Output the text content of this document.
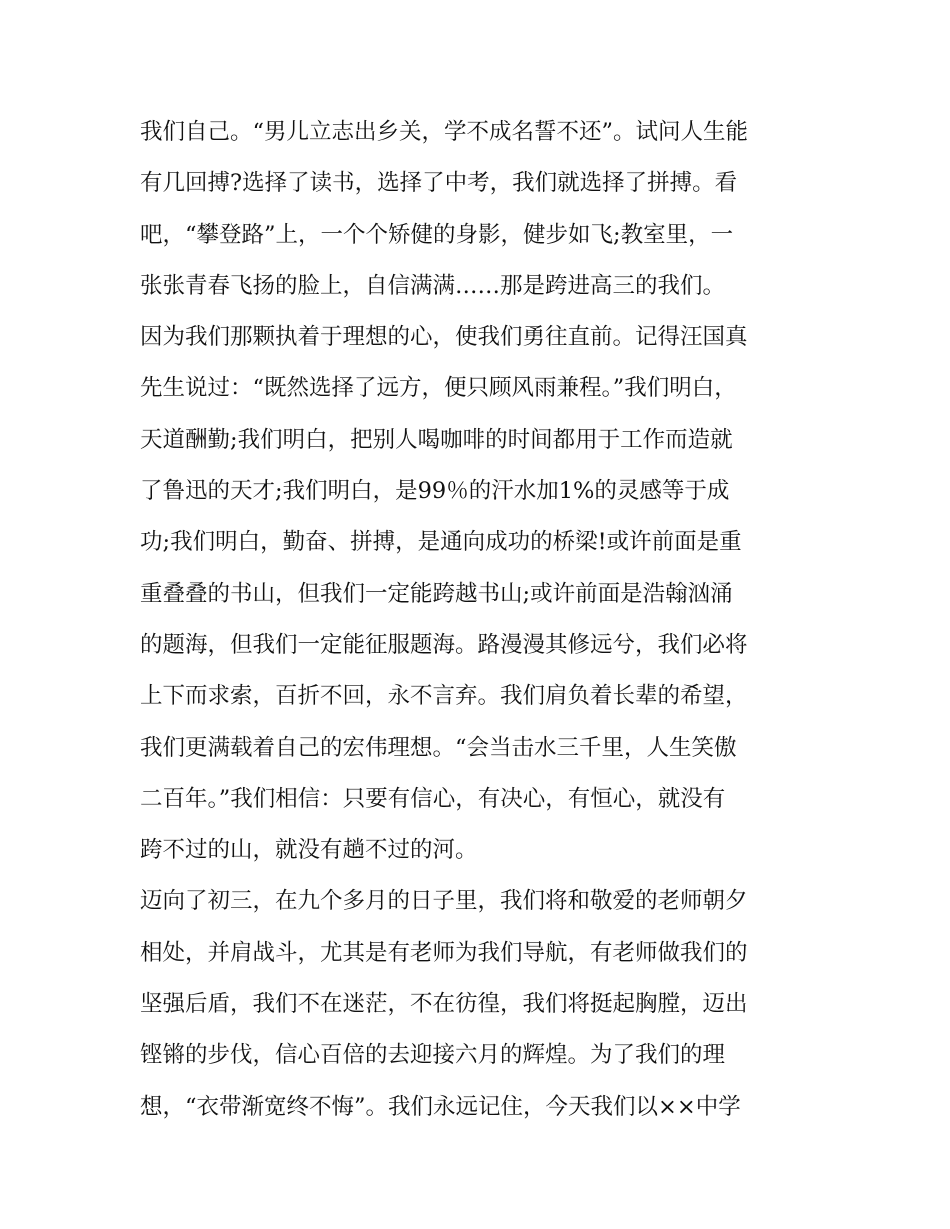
我们自己。“男儿立志出乡关，学不成名誓不还”。试问人生能
有几回搏?选择了读书，选择了中考，我们就选择了拼搏。看
吧，“攀登路”上，一个个矫健的身影，健步如飞;教室里，一
张张青春飞扬的脸上，自信满满……那是跨进高三的我们。
因为我们那颗执着于理想的心，使我们勇往直前。记得汪国真
先生说过：“既然选择了远方，便只顾风雨兼程。”我们明白，
天道酬勤;我们明白，把别人喝咖啡的时间都用于工作而造就
了鲁迅的天才;我们明白，是99％的汗水加1%的灵感等于成
功;我们明白，勤奋、拼搏，是通向成功的桥梁!或许前面是重
重叠叠的书山，但我们一定能跨越书山;或许前面是浩翰汹涌
的题海，但我们一定能征服题海。路漫漫其修远兮，我们必将
上下而求索，百折不回，永不言弃。我们肩负着长辈的希望，
我们更满载着自己的宏伟理想。“会当击水三千里，人生笑傲
二百年。”我们相信：只要有信心，有决心，有恒心，就没有
跨不过的山，就没有趟不过的河。
迈向了初三，在九个多月的日子里，我们将和敬爱的老师朝夕
相处，并肩战斗，尤其是有老师为我们导航，有老师做我们的
坚强后盾，我们不在迷茫，不在彷徨，我们将挺起胸膛，迈出
铿锵的步伐，信心百倍的去迎接六月的辉煌。为了我们的理
想，“衣带渐宽终不悔”。我们永远记住，今天我们以××中学
